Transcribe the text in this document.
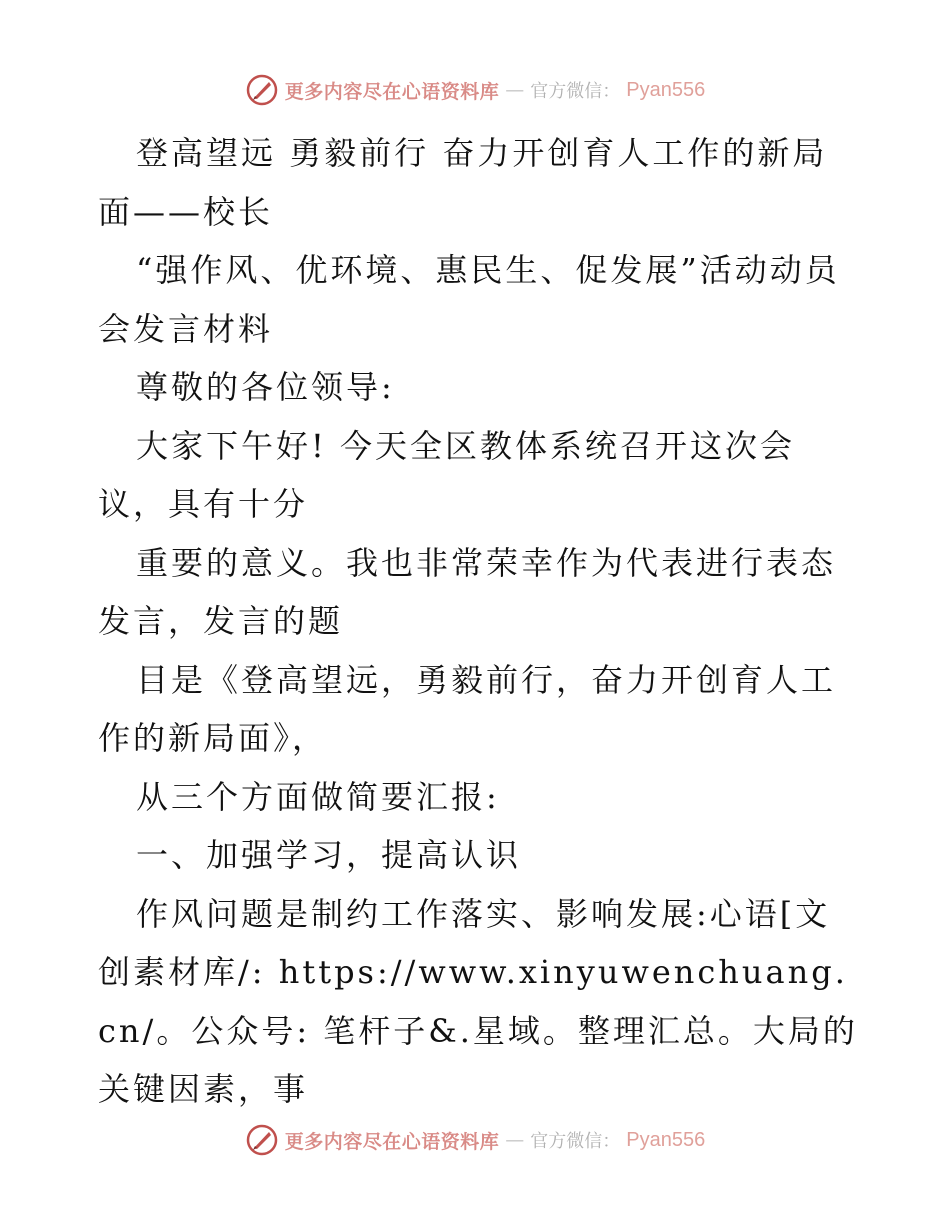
更多内容尽在心语资料库 — 官方微信： Pyan556

登高望远 勇毅前行 奋力开创育人工作的新局面——校长

“强作风、优环境、惠民生、促发展”活动动员会发言材料

尊敬的各位领导:

大家下午好! 今天全区教体系统召开这次会议，具有十分

重要的意义。我也非常荣幸作为代表进行表态发言，发言的题

目是《登高望远，勇毅前行，奋力开创育人工作的新局面》，

从三个方面做简要汇报:

一、加强学习，提高认识

作风问题是制约工作落实、影响发展:心语[文创素材库/: https://www.xinyuwenchuang.cn/。公众号: 笔杆子&.星域。整理汇总。大局的关键因素，事

更多内容尽在心语资料库 — 官方微信： Pyan556
